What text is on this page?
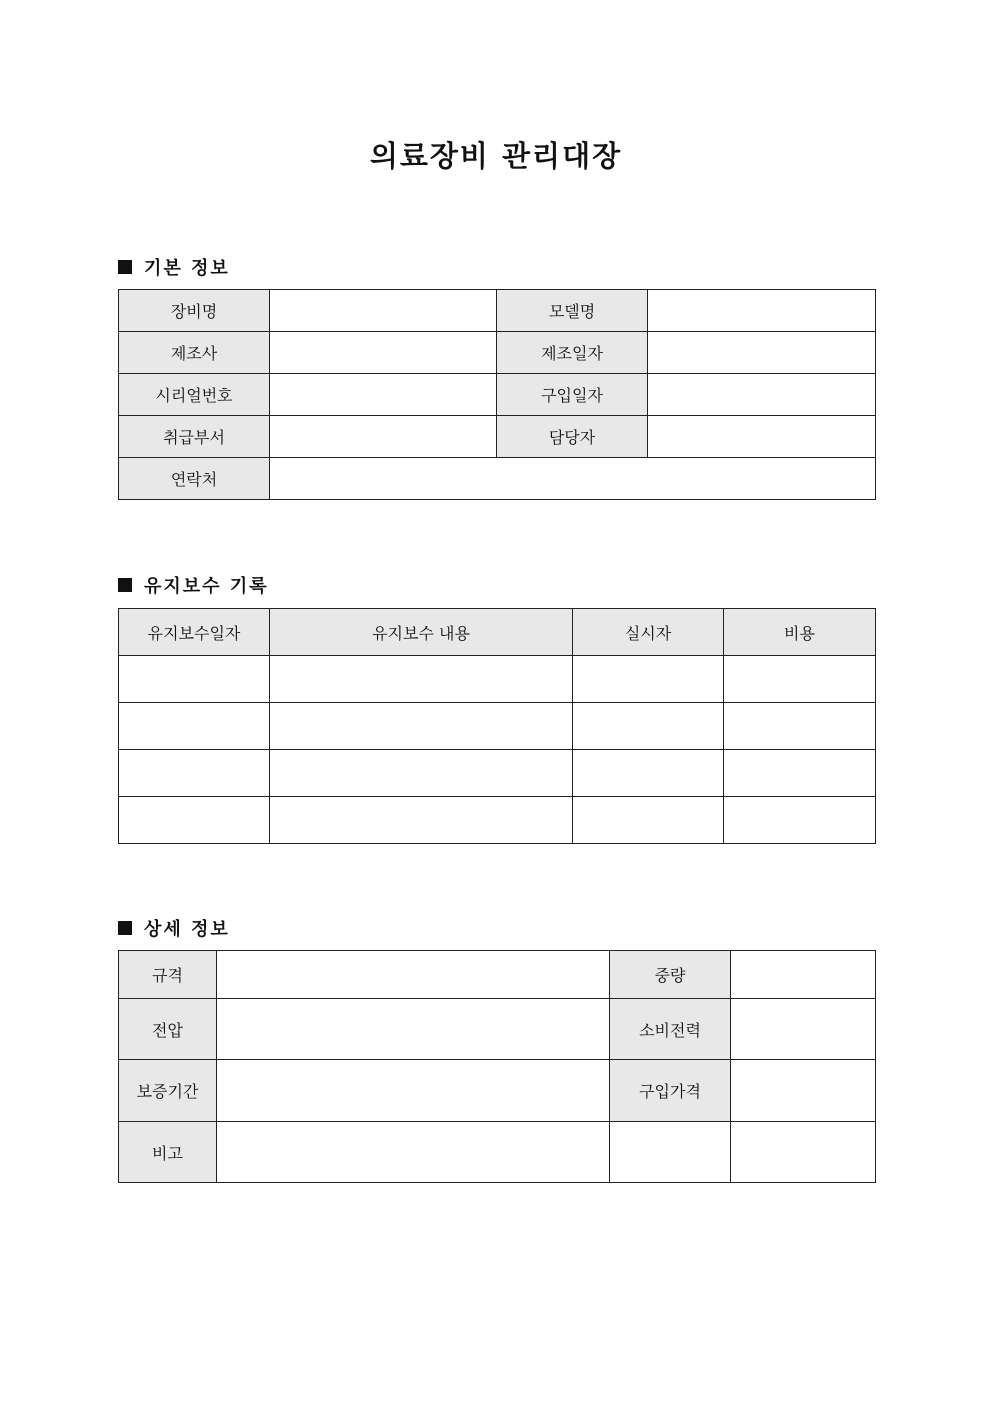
의료장비 관리대장
기본 정보
장비명		모델명	
제조사		제조일자	
시리얼번호		구입일자	
취급부서		담당자	
연락처			
유지보수 기록
유지보수일자	유지보수 내용	실시자	비용

상세 정보
규격		중량	
전압		소비전력	
보증기간		구입가격	
비고			
